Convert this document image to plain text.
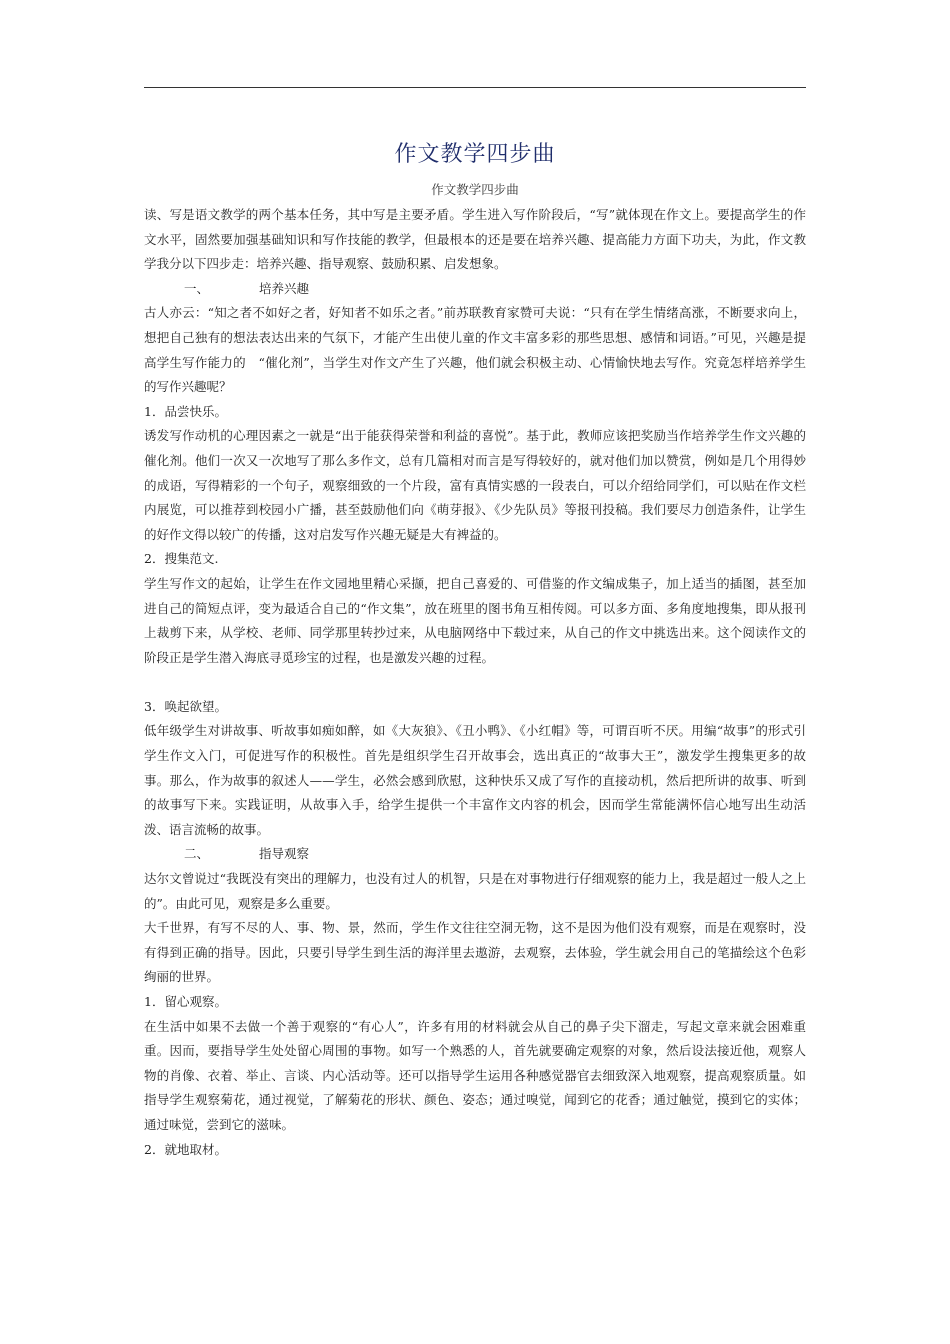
作文教学四步曲
作文教学四步曲

读、写是语文教学的两个基本任务，其中写是主要矛盾。学生进入写作阶段后，“写”就体现在作文上。要提高学生的作文水平，固然要加强基础知识和写作技能的教学，但最根本的还是要在培养兴趣、提高能力方面下功夫，为此，作文教学我分以下四步走：培养兴趣、指导观察、鼓励积累、启发想象。

一、	培养兴趣

古人亦云：“知之者不如好之者，好知者不如乐之者。”前苏联教育家赞可夫说：“只有在学生情绪高涨，不断要求向上，想把自己独有的想法表达出来的气氛下，才能产生出使儿童的作文丰富多彩的那些思想、感情和词语。”可见，兴趣是提高学生写作能力的　“催化剂”，当学生对作文产生了兴趣，他们就会积极主动、心情愉快地去写作。究竟怎样培养学生的写作兴趣呢？

1．品尝快乐。

诱发写作动机的心理因素之一就是“出于能获得荣誉和利益的喜悦”。基于此，教师应该把奖励当作培养学生作文兴趣的催化剂。他们一次又一次地写了那么多作文，总有几篇相对而言是写得较好的，就对他们加以赞赏，例如是几个用得妙的成语，写得精彩的一个句子，观察细致的一个片段，富有真情实感的一段表白，可以介绍给同学们，可以贴在作文栏内展览，可以推荐到校园小广播，甚至鼓励他们向《萌芽报》、《少先队员》等报刊投稿。我们要尽力创造条件，让学生的好作文得以较广的传播，这对启发写作兴趣无疑是大有裨益的。

2．搜集范文.

学生写作文的起始，让学生在作文园地里精心采撷，把自己喜爱的、可借鉴的作文编成集子，加上适当的插图，甚至加进自己的简短点评，变为最适合自己的“作文集”，放在班里的图书角互相传阅。可以多方面、多角度地搜集，即从报刊上裁剪下来，从学校、老师、同学那里转抄过来，从电脑网络中下载过来，从自己的作文中挑选出来。这个阅读作文的阶段正是学生潜入海底寻觅珍宝的过程，也是激发兴趣的过程。

3．唤起欲望。

低年级学生对讲故事、听故事如痴如醉，如《大灰狼》、《丑小鸭》、《小红帽》等，可谓百听不厌。用编“故事”的形式引学生作文入门，可促进写作的积极性。首先是组织学生召开故事会，选出真正的“故事大王”，激发学生搜集更多的故事。那么，作为故事的叙述人——学生，必然会感到欣慰，这种快乐又成了写作的直接动机，然后把所讲的故事、听到的故事写下来。实践证明，从故事入手，给学生提供一个丰富作文内容的机会，因而学生常能满怀信心地写出生动活泼、语言流畅的故事。

二、	指导观察

达尔文曾说过“我既没有突出的理解力，也没有过人的机智，只是在对事物进行仔细观察的能力上，我是超过一般人之上的”。由此可见，观察是多么重要。

大千世界，有写不尽的人、事、物、景，然而，学生作文往往空洞无物，这不是因为他们没有观察，而是在观察时，没有得到正确的指导。因此，只要引导学生到生活的海洋里去遨游，去观察，去体验，学生就会用自己的笔描绘这个色彩绚丽的世界。

1．留心观察。

在生活中如果不去做一个善于观察的“有心人”，许多有用的材料就会从自己的鼻子尖下溜走，写起文章来就会困难重重。因而，要指导学生处处留心周围的事物。如写一个熟悉的人，首先就要确定观察的对象，然后设法接近他，观察人物的肖像、衣着、举止、言谈、内心活动等。还可以指导学生运用各种感觉器官去细致深入地观察，提高观察质量。如指导学生观察菊花，通过视觉，了解菊花的形状、颜色、姿态；通过嗅觉，闻到它的花香；通过触觉，摸到它的实体；通过味觉，尝到它的滋味。

2．就地取材。
